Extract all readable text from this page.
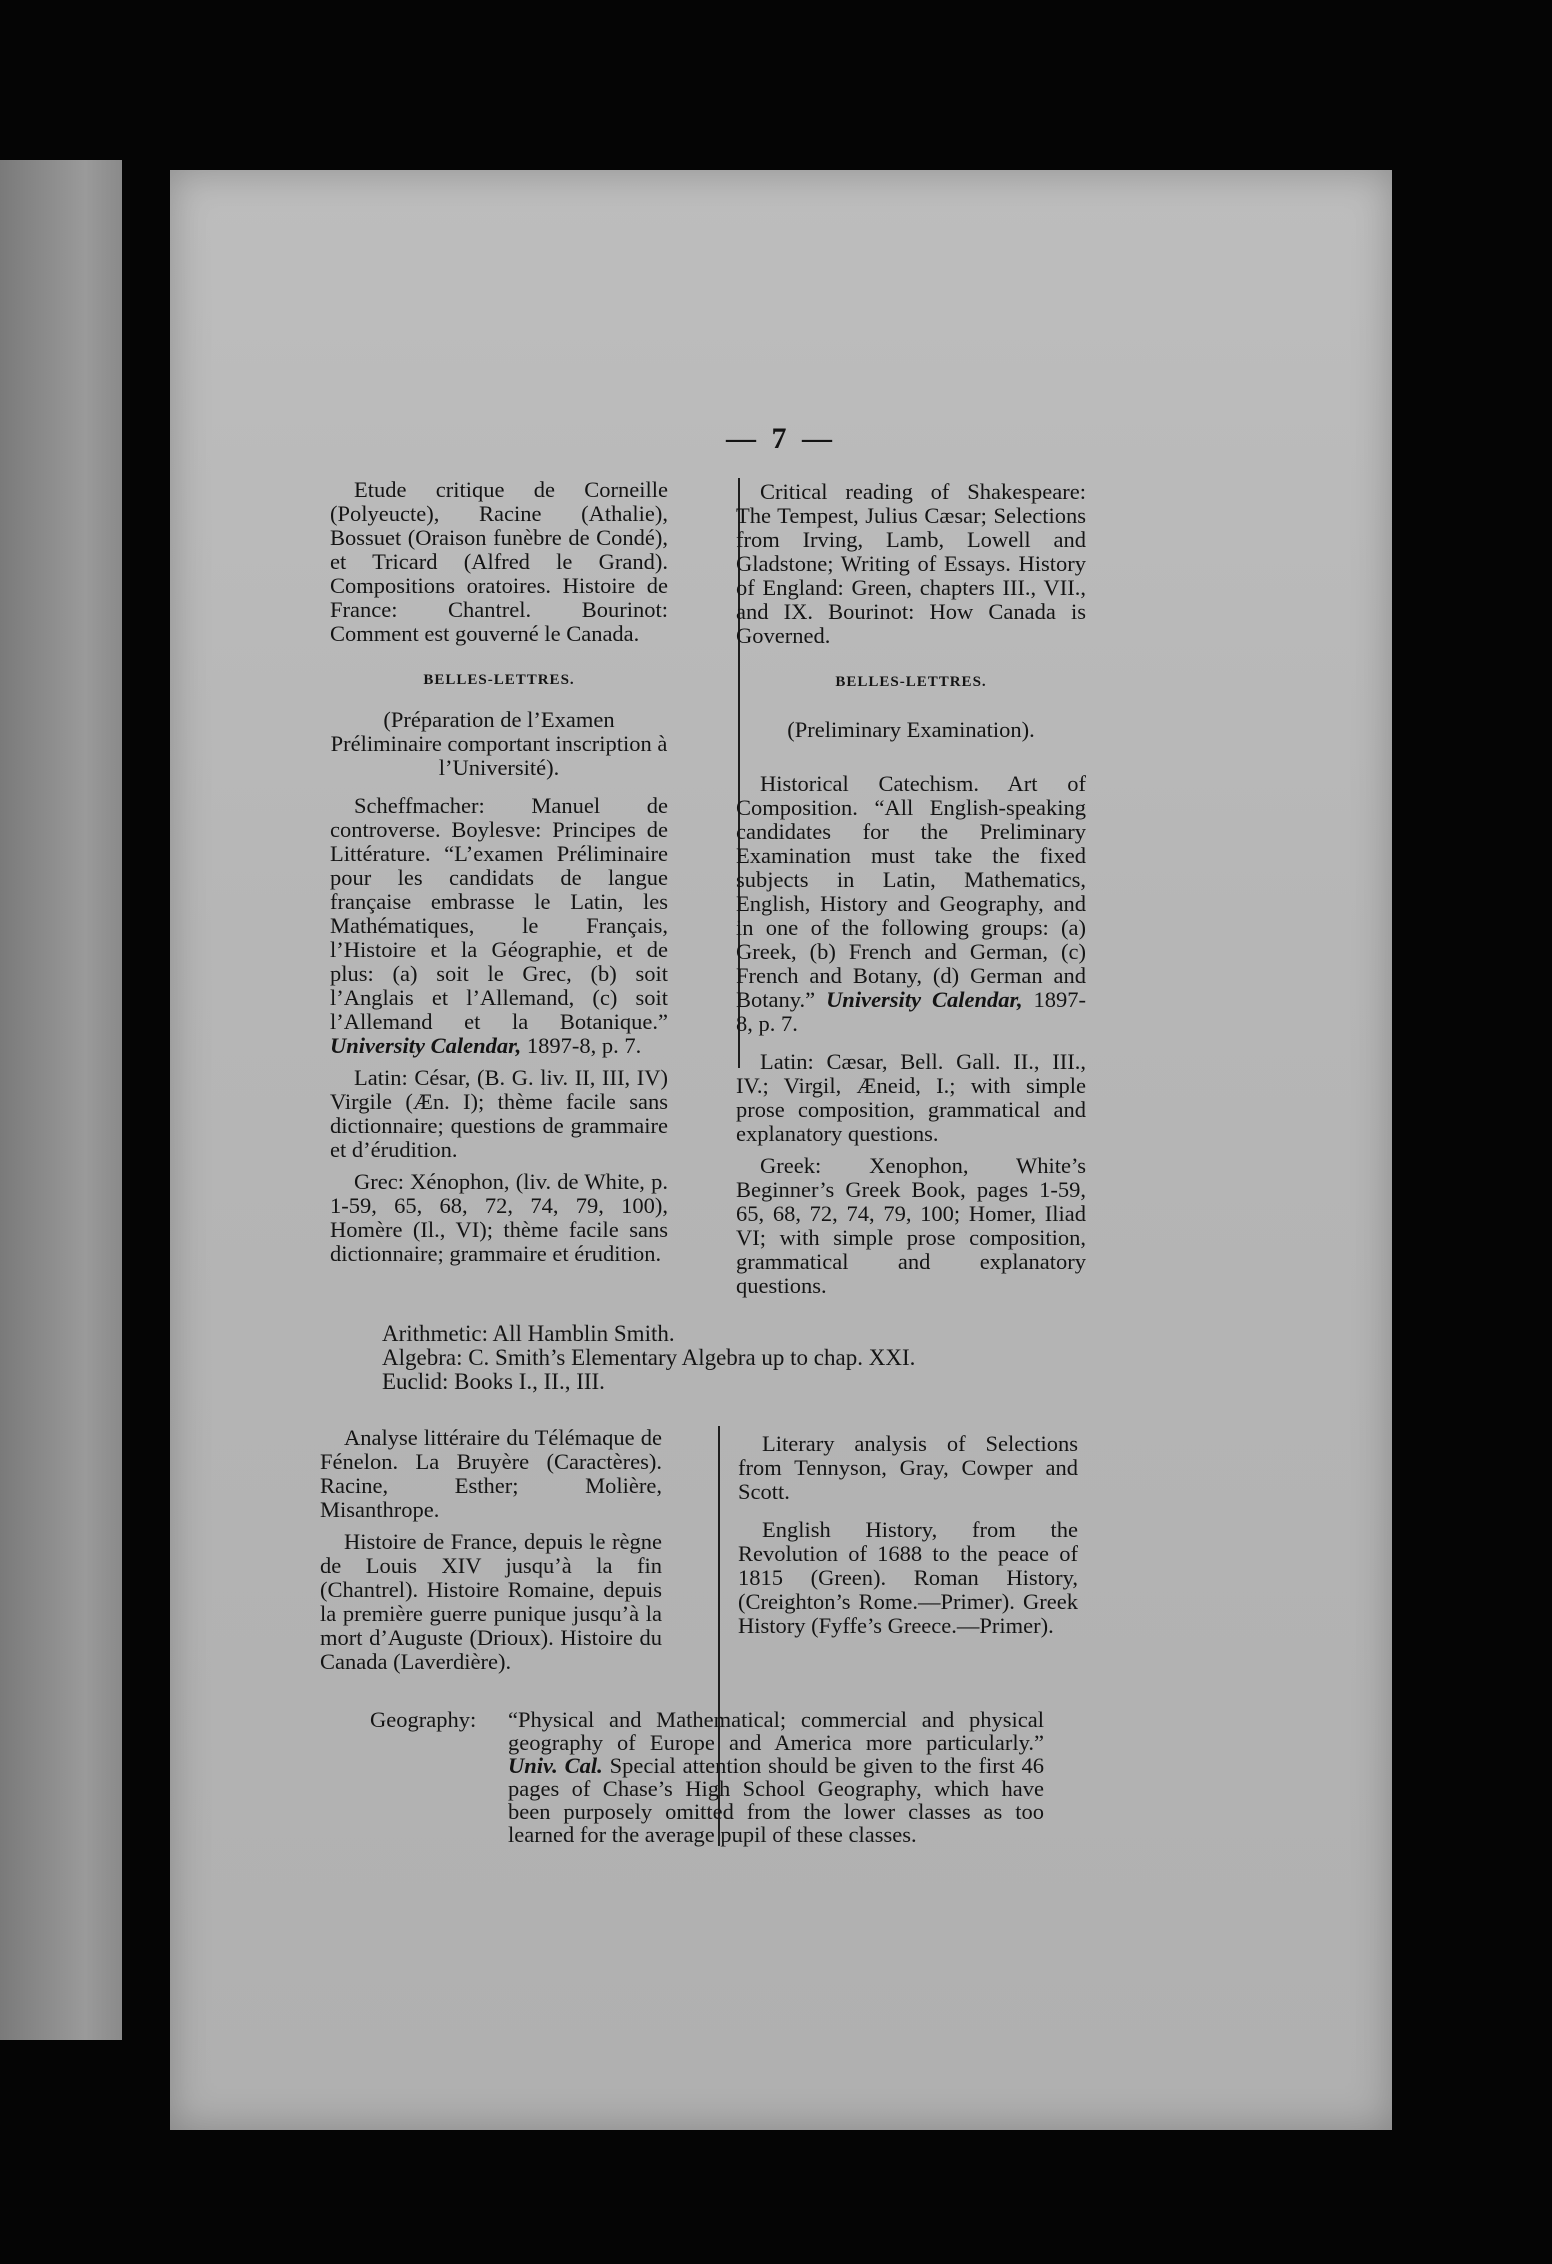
— 7 —

Etude critique de Corneille (Polyeucte), Racine (Athalie), Bossuet (Oraison funèbre de Condé), et Tricard (Alfred le Grand). Compositions oratoires. Histoire de France: Chantrel. Bourinot: Comment est gouverné le Canada.

BELLES-LETTRES.

(Préparation de l’Examen Préliminaire comportant inscription à l’Université).

Scheffmacher: Manuel de controverse. Boylesve: Principes de Littérature. “L’examen Préliminaire pour les candidats de langue française embrasse le Latin, les Mathématiques, le Français, l’Histoire et la Géographie, et de plus: (a) soit le Grec, (b) soit l’Anglais et l’Allemand, (c) soit l’Allemand et la Botanique.” University Calendar, 1897-8, p. 7.

Latin: César, (B. G. liv. II, III, IV) Virgile (Æn. I); thème facile sans dictionnaire; questions de grammaire et d’érudition.

Grec: Xénophon, (liv. de White, p. 1-59, 65, 68, 72, 74, 79, 100), Homère (Il., VI); thème facile sans dictionnaire; grammaire et érudition.

Critical reading of Shakespeare: The Tempest, Julius Cæsar; Selections from Irving, Lamb, Lowell and Gladstone; Writing of Essays. History of England: Green, chapters III., VII., and IX. Bourinot: How Canada is Governed.

BELLES-LETTRES.

(Preliminary Examination).

Historical Catechism. Art of Composition. “All English-speaking candidates for the Preliminary Examination must take the fixed subjects in Latin, Mathematics, English, History and Geography, and in one of the following groups: (a) Greek, (b) French and German, (c) French and Botany, (d) German and Botany.” University Calendar, 1897-8, p. 7.

Latin: Cæsar, Bell. Gall. II., III., IV.; Virgil, Æneid, I.; with simple prose composition, grammatical and explanatory questions.

Greek: Xenophon, White’s Beginner’s Greek Book, pages 1-59, 65, 68, 72, 74, 79, 100; Homer, Iliad VI; with simple prose composition, grammatical and explanatory questions.

Arithmetic: All Hamblin Smith.
Algebra: C. Smith’s Elementary Algebra up to chap. XXI.
Euclid: Books I., II., III.

Analyse littéraire du Télémaque de Fénelon. La Bruyère (Caractères). Racine, Esther; Molière, Misanthrope.

Histoire de France, depuis le règne de Louis XIV jusqu’à la fin (Chantrel). Histoire Romaine, depuis la première guerre punique jusqu’à la mort d’Auguste (Drioux). Histoire du Canada (Laverdière).

Literary analysis of Selections from Tennyson, Gray, Cowper and Scott.

English History, from the Revolution of 1688 to the peace of 1815 (Green). Roman History, (Creighton’s Rome.—Primer). Greek History (Fyffe’s Greece.—Primer).

Geography: “Physical and Mathematical; commercial and physical geography of Europe and America more particularly.” Univ. Cal. Special attention should be given to the first 46 pages of Chase’s High School Geography, which have been purposely omitted from the lower classes as too learned for the average pupil of these classes.
